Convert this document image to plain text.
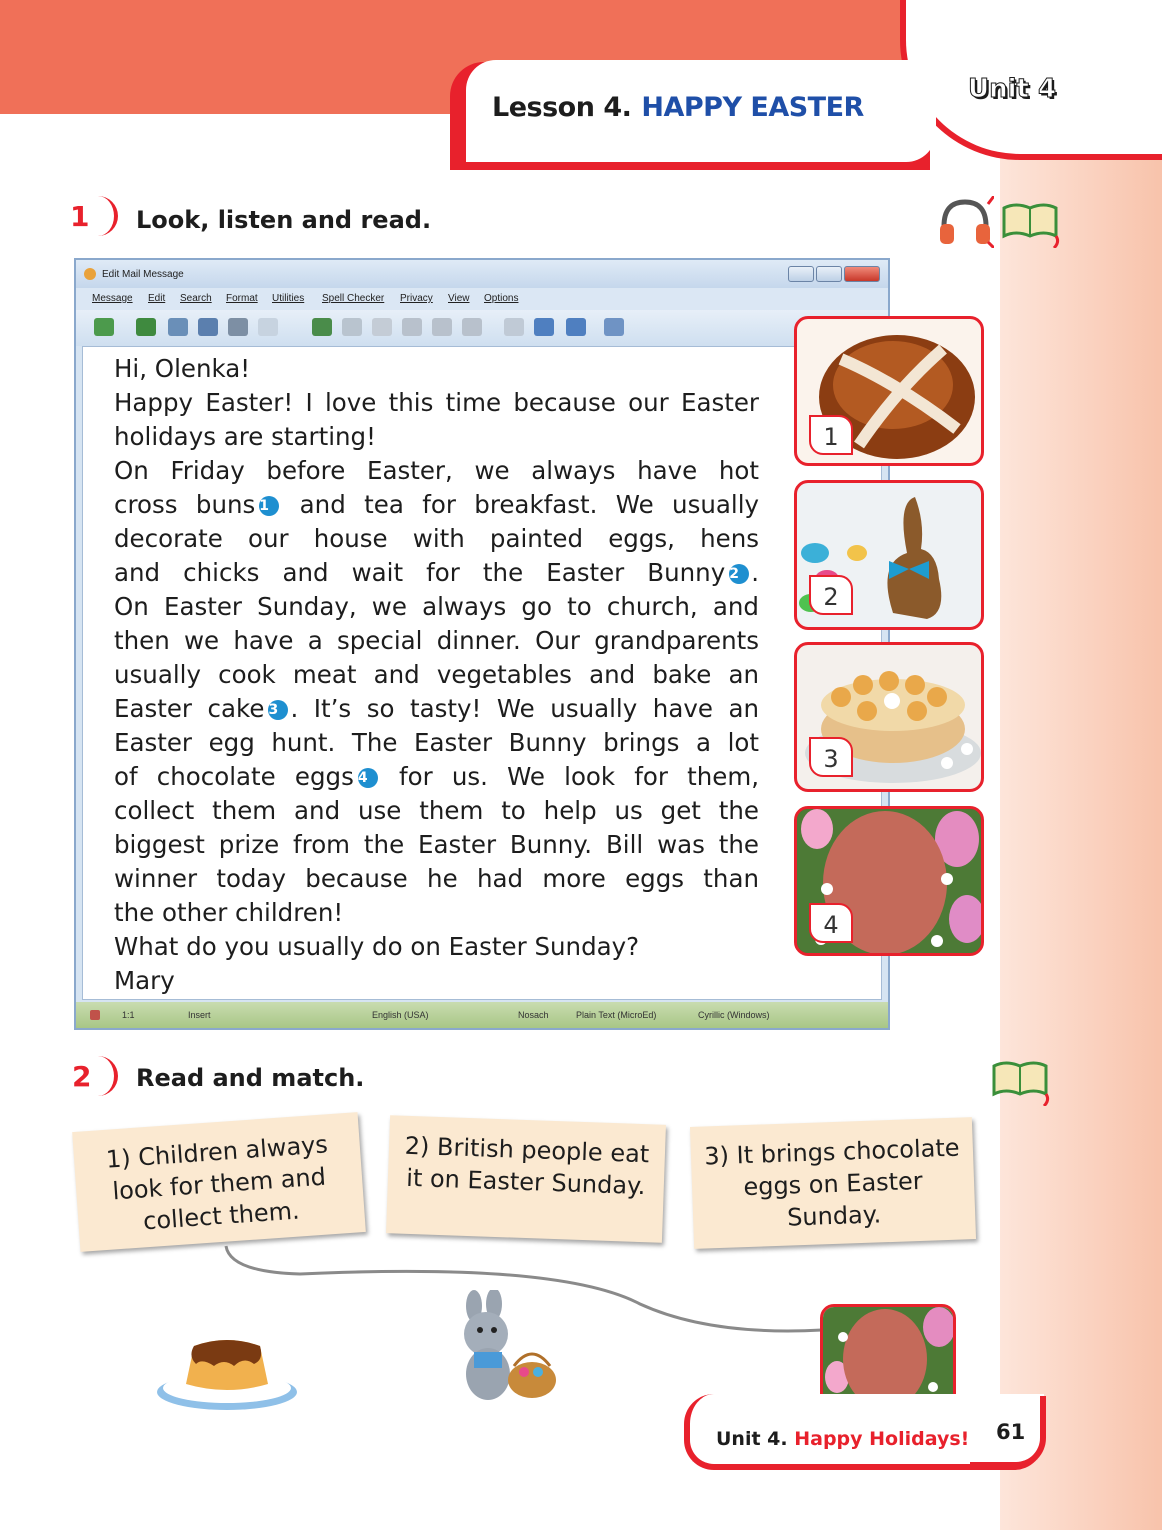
Unit 4
Lesson 4. HAPPY EASTER
1 Look, listen and read.
Edit Mail Message
Message Edit Search Format Utilities Spell Checker Privacy View Options
1:1	Insert	English (USA)	Nosach	Plain Text (MicroEd)	Cyrillic (Windows)
Hi, Olenka!
Happy Easter! I love this time because our Easter
holidays are starting!
On Friday before Easter, we always have hot
cross buns 1 and tea for breakfast. We usually
decorate our house with painted eggs, hens
and chicks and wait for the Easter Bunny 2 .
On Easter Sunday, we always go to church, and
then we have a special dinner. Our grandparents
usually cook meat and vegetables and bake an
Easter cake 3 . It’s so tasty! We usually have an
Easter egg hunt. The Easter Bunny brings a lot
of chocolate eggs 4 for us. We look for them,
collect them and use them to help us get the
biggest prize from the Easter Bunny. Bill was the
winner today because he had more eggs than
the other children!
What do you usually do on Easter Sunday?
Mary
1
2
3
4
2 Read and match.
1) Children always look for them and collect them.
2) British people eat it on Easter Sunday.
3) It brings chocolate eggs on Easter Sunday.
Unit 4. Happy Holidays! 61
